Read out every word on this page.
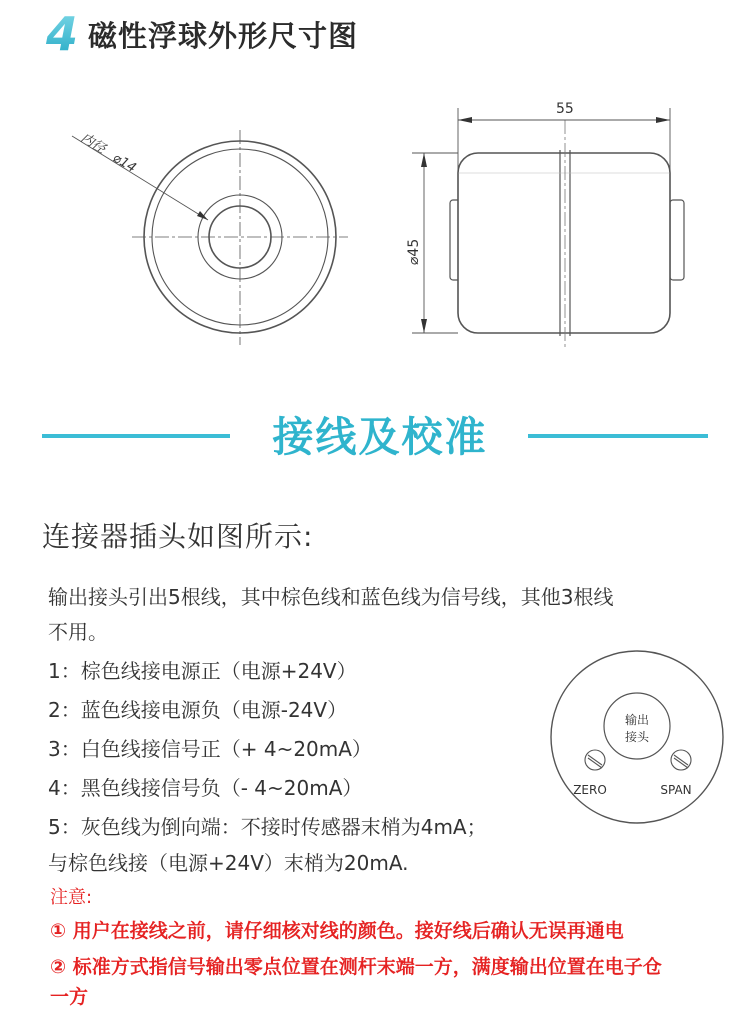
4 磁性浮球外形尺寸图
内径
⌀14
55
⌀45
接线及校准
连接器插头如图所示:
输出接头引出5根线，其中棕色线和蓝色线为信号线，其他3根线
不用。
1：棕色线接电源正（电源+24V）
2：蓝色线接电源负（电源-24V）
3：白色线接信号正（+ 4~20mA）
4：黑色线接信号负（- 4~20mA）
5：灰色线为倒向端：不接时传感器末梢为4mA；
与棕色线接（电源+24V）末梢为20mA.
输出
接头
ZERO	SPAN
注意:
① 用户在接线之前，请仔细核对线的颜色。接好线后确认无误再通电
② 标准方式指信号输出零点位置在测杆末端一方，满度输出位置在电子仓
一方
